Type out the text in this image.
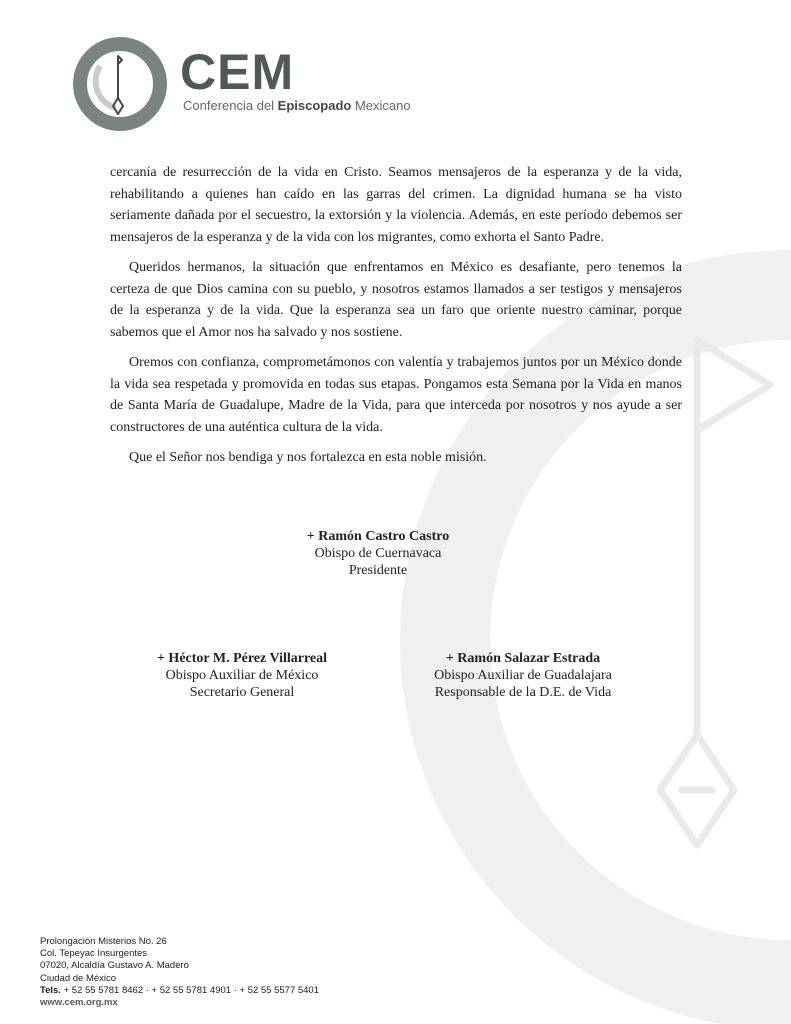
CEM
Conferencia del Episcopado Mexicano

cercanía de resurrección de la vida en Cristo. Seamos mensajeros de la esperanza y de la vida, rehabilitando a quienes han caído en las garras del crimen. La dignidad humana se ha visto seriamente dañada por el secuestro, la extorsión y la violencia. Además, en este período debemos ser mensajeros de la esperanza y de la vida con los migrantes, como exhorta el Santo Padre.

Queridos hermanos, la situación que enfrentamos en México es desafiante, pero tenemos la certeza de que Dios camina con su pueblo, y nosotros estamos llamados a ser testigos y mensajeros de la esperanza y de la vida. Que la esperanza sea un faro que oriente nuestro caminar, porque sabemos que el Amor nos ha salvado y nos sostiene.

Oremos con confianza, comprometámonos con valentía y trabajemos juntos por un México donde la vida sea respetada y promovida en todas sus etapas. Pongamos esta Semana por la Vida en manos de Santa María de Guadalupe, Madre de la Vida, para que interceda por nosotros y nos ayude a ser constructores de una auténtica cultura de la vida.

Que el Señor nos bendiga y nos fortalezca en esta noble misión.

+ Ramón Castro Castro
Obispo de Cuernavaca
Presidente
+ Héctor M. Pérez Villarreal
Obispo Auxiliar de México
Secretario General
+ Ramón Salazar Estrada
Obispo Auxiliar de Guadalajara
Responsable de la D.E. de Vida
Prolongación Misterios No. 26
Col. Tepeyac Insurgentes
07020, Alcaldía Gustavo A. Madero
Ciudad de México
Tels. + 52 55 5781 8462 · + 52 55 5781 4901 · + 52 55 5577 5401
www.cem.org.mx
